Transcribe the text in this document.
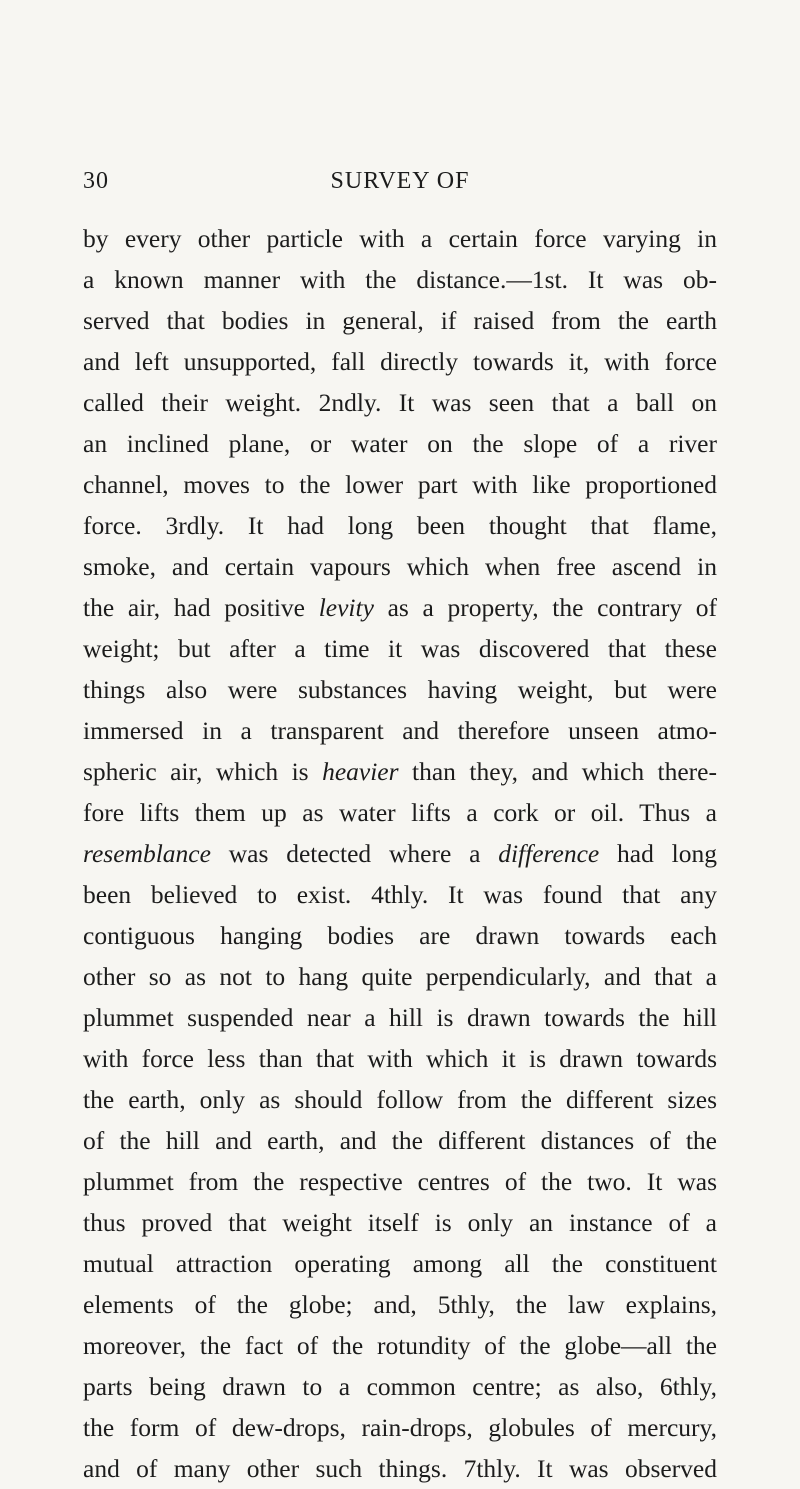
30	SURVEY OF
by every other particle with a certain force varying in
a known manner with the distance.—1st. It was ob-
served that bodies in general, if raised from the earth
and left unsupported, fall directly towards it, with force
called their weight. 2ndly. It was seen that a ball on
an inclined plane, or water on the slope of a river
channel, moves to the lower part with like proportioned
force. 3rdly. It had long been thought that flame,
smoke, and certain vapours which when free ascend in
the air, had positive levity as a property, the contrary of
weight; but after a time it was discovered that these
things also were substances having weight, but were
immersed in a transparent and therefore unseen atmo-
spheric air, which is heavier than they, and which there-
fore lifts them up as water lifts a cork or oil. Thus a
resemblance was detected where a difference had long
been believed to exist. 4thly. It was found that any
contiguous hanging bodies are drawn towards each
other so as not to hang quite perpendicularly, and that a
plummet suspended near a hill is drawn towards the hill
with force less than that with which it is drawn towards
the earth, only as should follow from the different sizes
of the hill and earth, and the different distances of the
plummet from the respective centres of the two. It was
thus proved that weight itself is only an instance of a
mutual attraction operating among all the constituent
elements of the globe; and, 5thly, the law explains,
moreover, the fact of the rotundity of the globe—all the
parts being drawn to a common centre; as also, 6thly,
the form of dew-drops, rain-drops, globules of mercury,
and of many other such things. 7thly. It was observed
